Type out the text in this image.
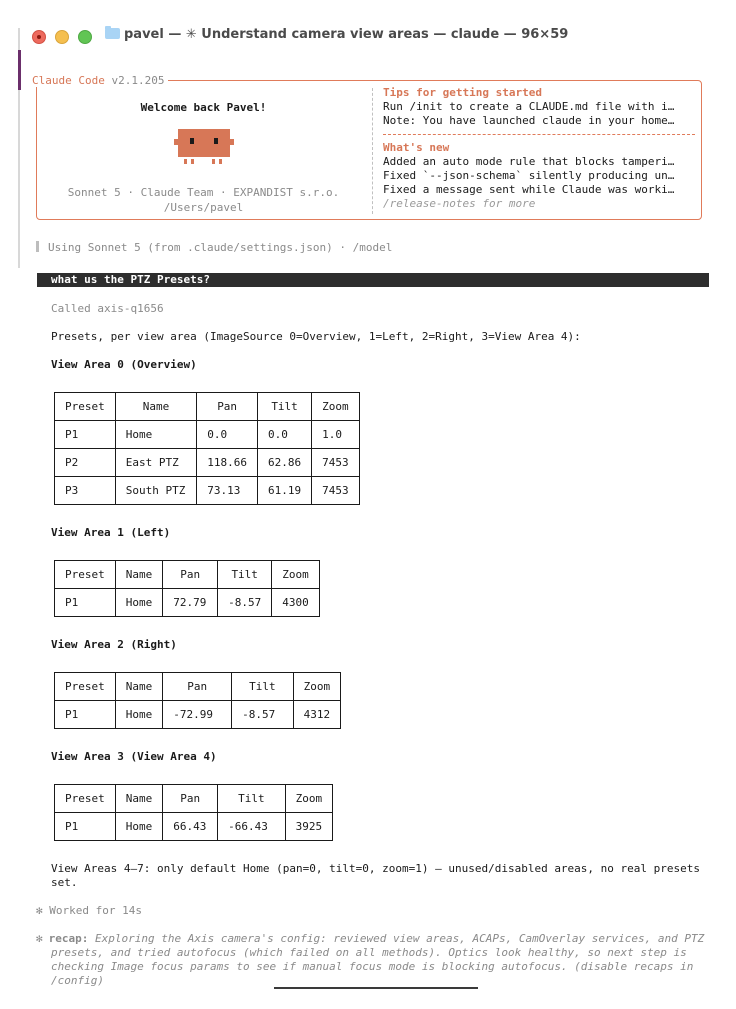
pavel — ✳ Understand camera view areas — claude — 96×59
Claude Code v2.1.205
Welcome back Pavel!
Sonnet 5 · Claude Team · EXPANDIST s.r.o.
/Users/pavel
Tips for getting started
Run /init to create a CLAUDE.md file with i…
Note: You have launched claude in your home…
What's new
Added an auto mode rule that blocks tamperi…
Fixed `--json-schema` silently producing un…
Fixed a message sent while Claude was worki…
/release-notes for more
Using Sonnet 5 (from .claude/settings.json) · /model
what us the PTZ Presets?
Called axis-q1656
Presets, per view area (ImageSource 0=Overview, 1=Left, 2=Right, 3=View Area 4):
View Area 0 (Overview)
Preset	Name	Pan	Tilt	Zoom
P1	Home	0.0	0.0	1.0
P2	East PTZ	118.66	62.86	7453
P3	South PTZ	73.13	61.19	7453
View Area 1 (Left)
Preset	Name	Pan	Tilt	Zoom
P1	Home	72.79	-8.57	4300
View Area 2 (Right)
Preset	Name	Pan	Tilt	Zoom
P1	Home	-72.99	-8.57	4312
View Area 3 (View Area 4)
Preset	Name	Pan	Tilt	Zoom
P1	Home	66.43	-66.43	3925
View Areas 4–7: only default Home (pan=0, tilt=0, zoom=1) — unused/disabled areas, no real presets set.
✻ Worked for 14s
✻ recap: Exploring the Axis camera's config: reviewed view areas, ACAPs, CamOverlay services, and PTZ presets, and tried autofocus (which failed on all methods). Optics look healthy, so next step is checking Image focus params to see if manual focus mode is blocking autofocus. (disable recaps in /config)
